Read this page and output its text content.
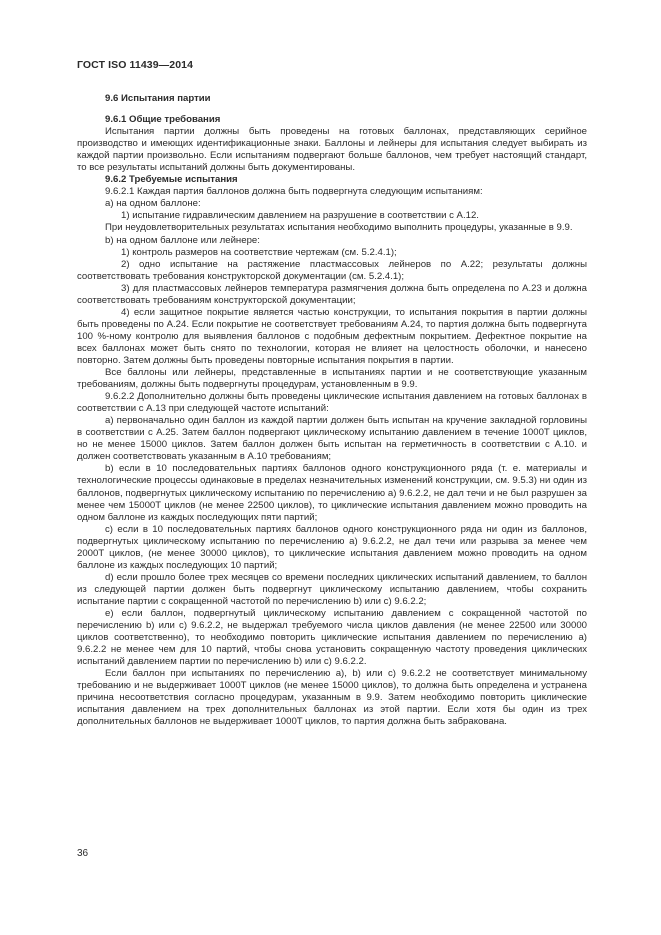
ГОСТ ISO 11439—2014

9.6 Испытания партии

9.6.1 Общие требования

Испытания партии должны быть проведены на готовых баллонах, представляющих серийное производство и имеющих идентификационные знаки. Баллоны и лейнеры для испытания следует выбирать из каждой партии произвольно. Если испытаниям подвергают больше баллонов, чем требует настоящий стандарт, то все результаты испытаний должны быть документированы.

9.6.2 Требуемые испытания

9.6.2.1 Каждая партия баллонов должна быть подвергнута следующим испытаниям:

а) на одном баллоне:

1) испытание гидравлическим давлением на разрушение в соответствии с А.12.

При неудовлетворительных результатах испытания необходимо выполнить процедуры, указанные в 9.9.

b) на одном баллоне или лейнере:

1) контроль размеров на соответствие чертежам (см. 5.2.4.1);

2) одно испытание на растяжение пластмассовых лейнеров по А.22; результаты должны соответствовать требования конструкторской документации (см. 5.2.4.1);

3) для пластмассовых лейнеров температура размягчения должна быть определена по А.23 и должна соответствовать требованиям конструкторской документации;

4) если защитное покрытие является частью конструкции, то испытания покрытия в партии должны быть проведены по А.24. Если покрытие не соответствует требованиям А.24, то партия должна быть подвергнута 100 %-ному контролю для выявления баллонов с подобным дефектным покрытием. Дефектное покрытие на всех баллонах может быть снято по технологии, которая не влияет на целостность оболочки, и нанесено повторно. Затем должны быть проведены повторные испытания покрытия в партии.

Все баллоны или лейнеры, представленные в испытаниях партии и не соответствующие указанным требованиям, должны быть подвергнуты процедурам, установленным в 9.9.

9.6.2.2 Дополнительно должны быть проведены циклические испытания давлением на готовых баллонах в соответствии с А.13 при следующей частоте испытаний:

а) первоначально один баллон из каждой партии должен быть испытан на кручение закладной горловины в соответствии с А.25. Затем баллон подвергают циклическому испытанию давлением в течение 1000T циклов, но не менее 15000 циклов. Затем баллон должен быть испытан на герметичность в соответствии с А.10. и должен соответствовать указанным в А.10 требованиям;

b) если в 10 последовательных партиях баллонов одного конструкционного ряда (т. е. материалы и технологические процессы одинаковые в пределах незначительных изменений конструкции, см. 9.5.3) ни один из баллонов, подвергнутых циклическому испытанию по перечислению а) 9.6.2.2, не дал течи и не был разрушен за менее чем 15000T циклов (не менее 22500 циклов), то циклические испытания давлением можно проводить на одном баллоне из каждых последующих пяти партий;

с) если в 10 последовательных партиях баллонов одного конструкционного ряда ни один из баллонов, подвергнутых циклическому испытанию по перечислению а) 9.6.2.2, не дал течи или разрыва за менее чем 2000T циклов, (не менее 30000 циклов), то циклические испытания давлением можно проводить на одном баллоне из каждых последующих 10 партий;

d) если прошло более трех месяцев со времени последних циклических испытаний давлением, то баллон из следующей партии должен быть подвергнут циклическому испытанию давлением, чтобы сохранить испытание партии с сокращенной частотой по перечислению b) или с) 9.6.2.2;

е) если баллон, подвергнутый циклическому испытанию давлением с сокращенной частотой по перечислению b) или с) 9.6.2.2, не выдержал требуемого числа циклов давления (не менее 22500 или 30000 циклов соответственно), то необходимо повторить циклические испытания давлением по перечислению а) 9.6.2.2 не менее чем для 10 партий, чтобы снова установить сокращенную частоту проведения циклических испытаний давлением партии по перечислению b) или с) 9.6.2.2.

Если баллон при испытаниях по перечислению а), b) или с) 9.6.2.2 не соответствует минимальному требованию и не выдерживает 1000T циклов (не менее 15000 циклов), то должна быть определена и устранена причина несоответствия согласно процедурам, указанным в 9.9. Затем необходимо повторить циклические испытания давлением на трех дополнительных баллонах из этой партии. Если хотя бы один из трех дополнительных баллонов не выдерживает 1000T циклов, то партия должна быть забракована.

36
